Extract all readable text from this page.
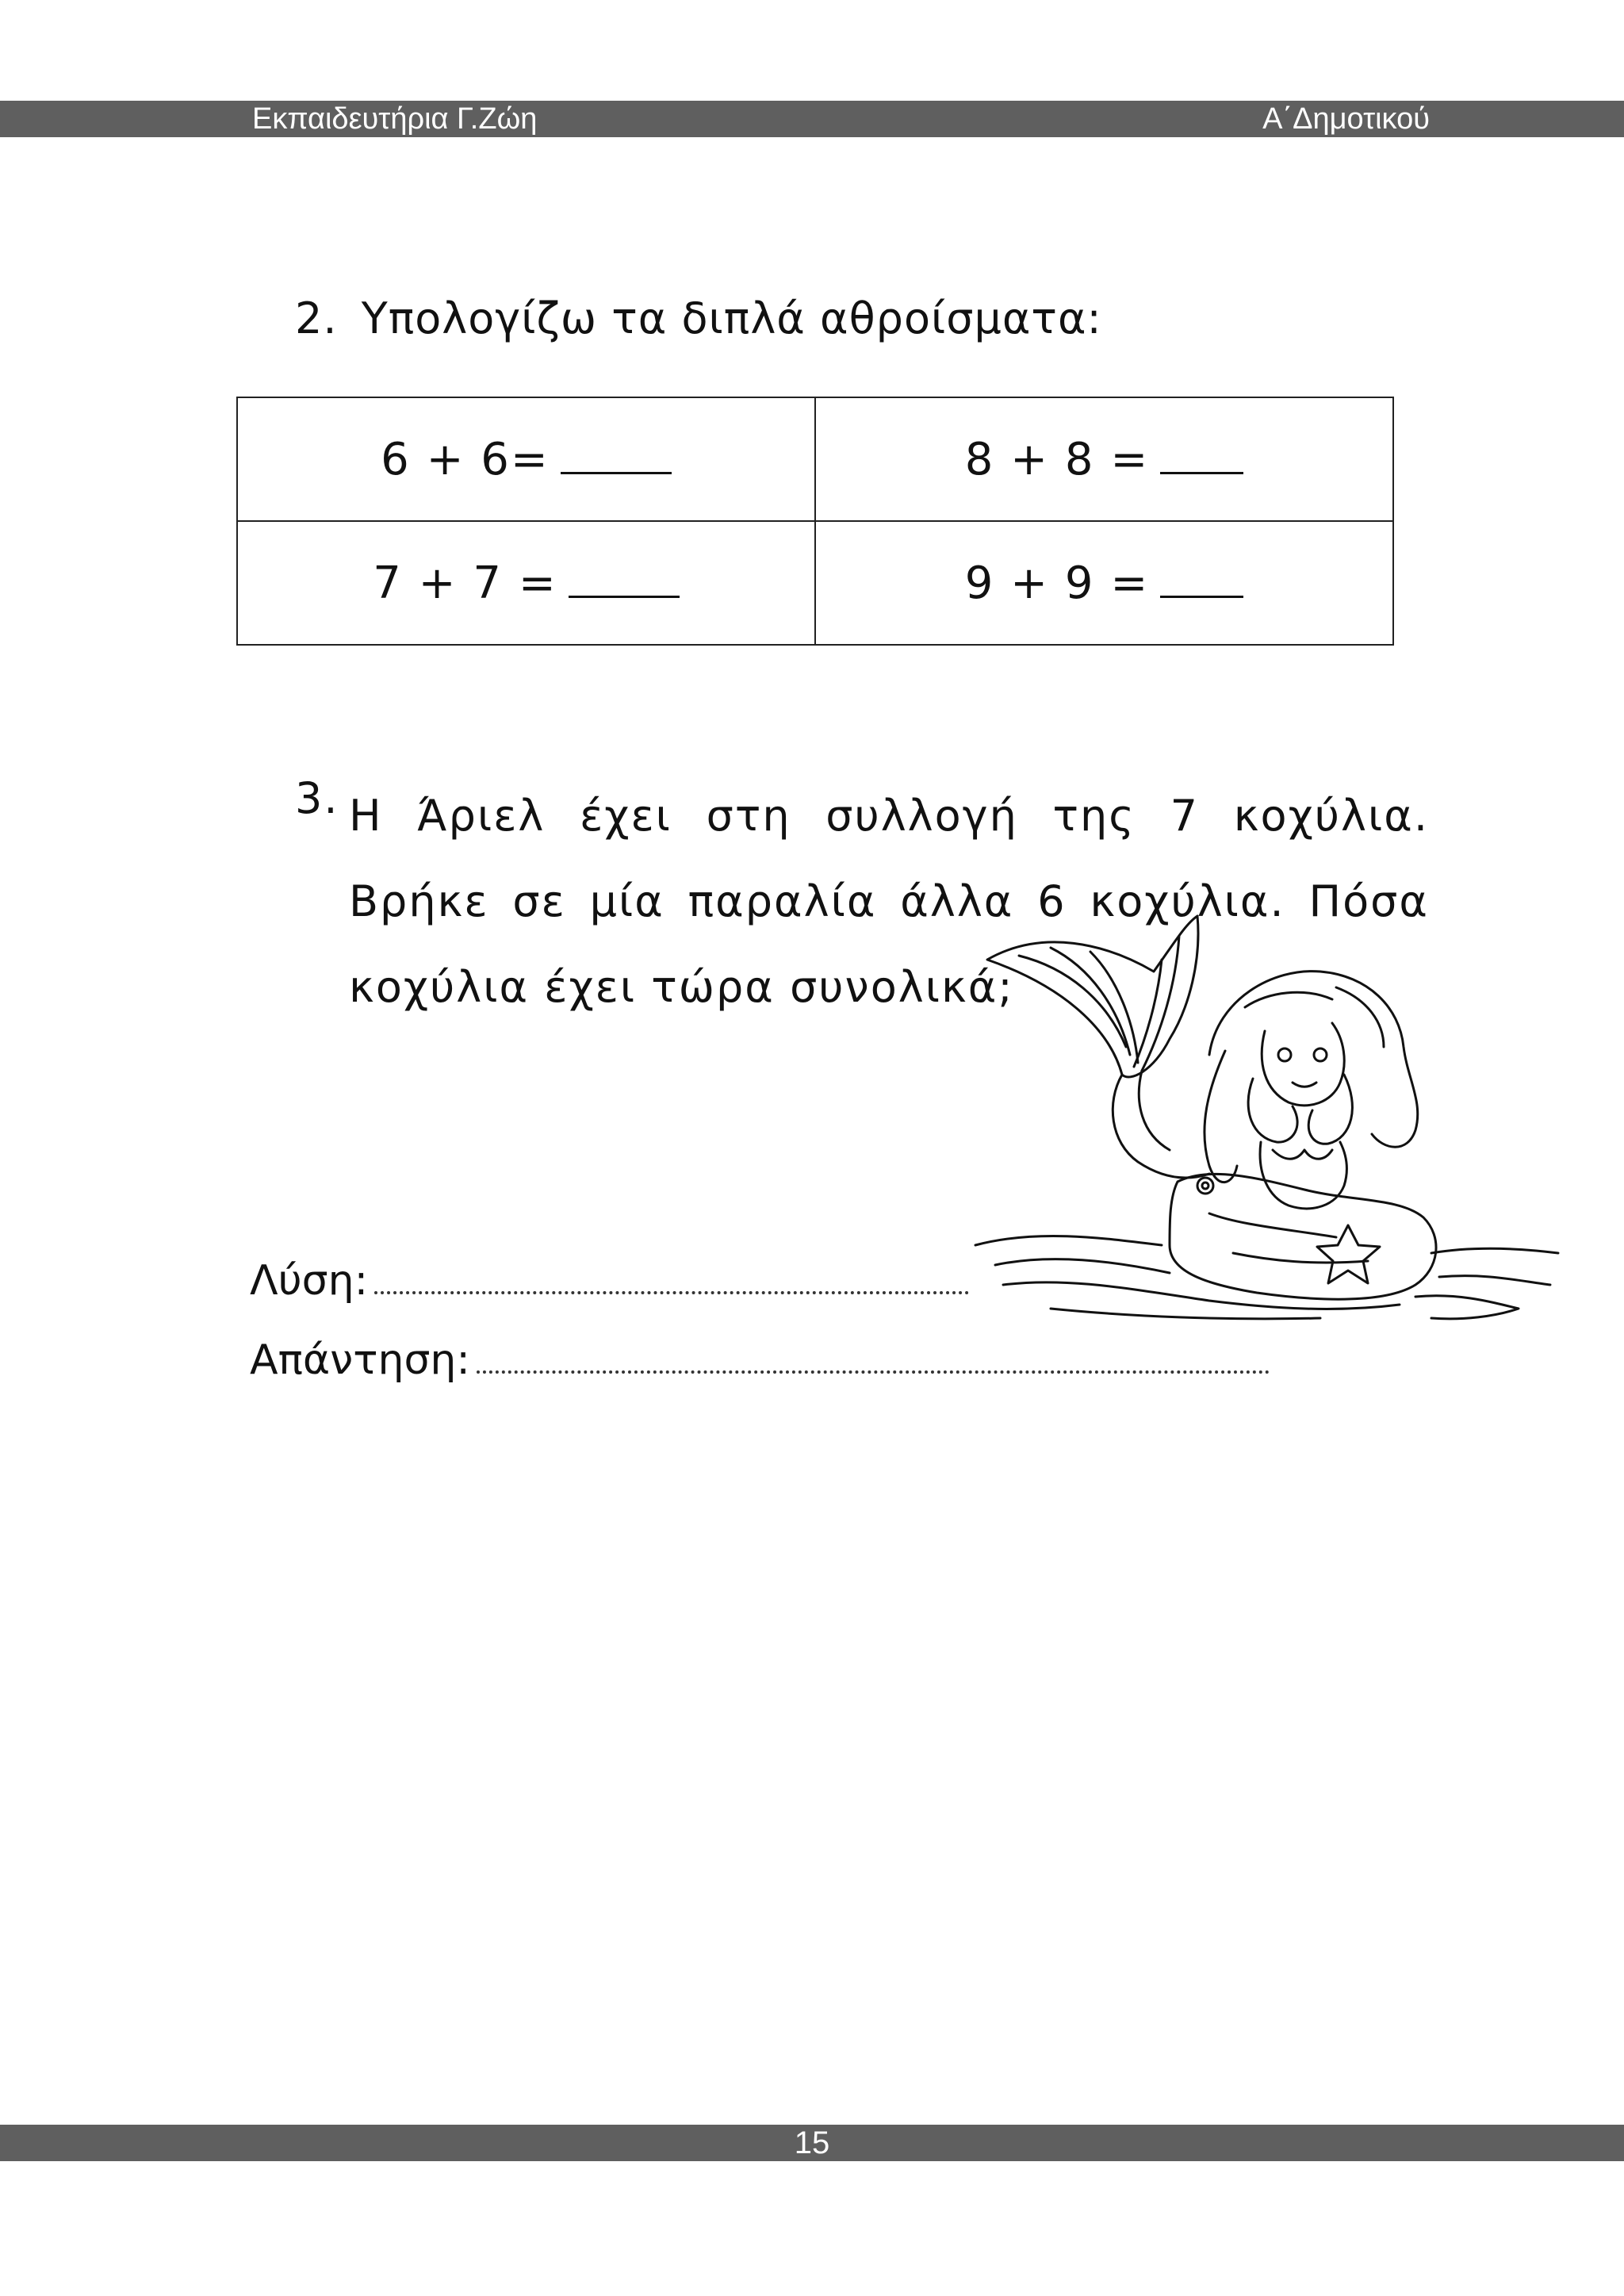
Εκπαιδευτήρια Γ.Ζώη	Α΄Δημοτικού
2. Υπολογίζω τα διπλά αθροίσματα:
6 + 6=	8 + 8 =
7 + 7 =	9 + 9 =
3. Η Άριελ έχει στη συλλογή της 7 κοχύλια. Βρήκε σε μία παραλία άλλα 6 κοχύλια. Πόσα κοχύλια έχει τώρα συνολικά;
Λύση:
Απάντηση:
15
